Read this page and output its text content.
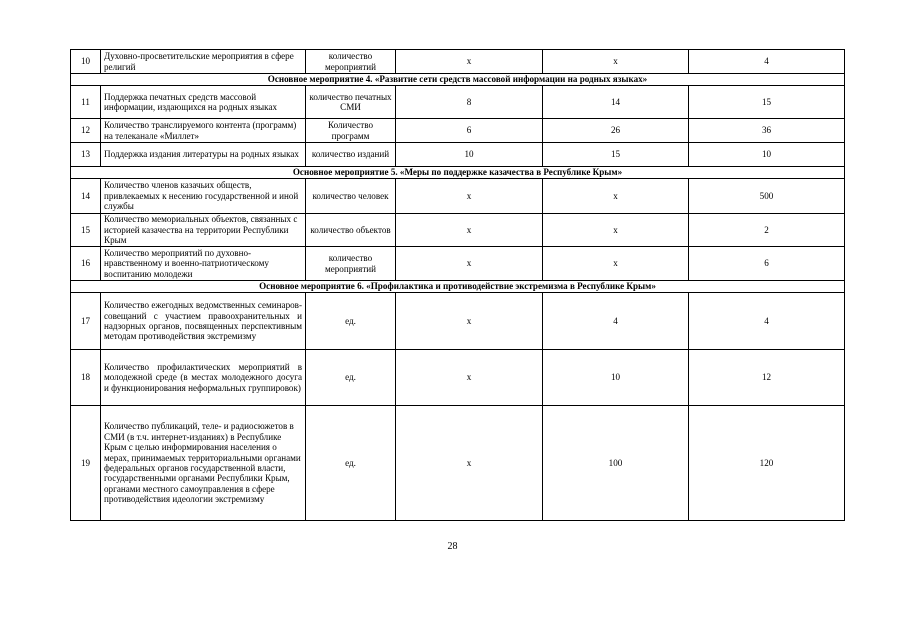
10	Духовно-просветительские мероприятия в сфере религий	количество мероприятий	х	х	4
Основное мероприятие 4. «Развитие сети средств массовой информации на родных языках»					
11	Поддержка печатных средств массовой информации, издающихся на родных языках	количество печатных СМИ	8	14	15
12	Количество транслируемого контента (программ) на телеканале «Миллет»	Количество программ	6	26	36
13	Поддержка издания литературы на родных языках	количество изданий	10	15	10
Основное мероприятие 5. «Меры по поддержке казачества в Республике Крым»					
14	Количество членов казачьих обществ, привлекаемых к несению государственной и иной службы	количество человек	х	х	500
15	Количество мемориальных объектов, связанных с историей казачества на территории Республики Крым	количество объектов	х	х	2
16	Количество мероприятий по духовно-нравственному и военно-патриотическому воспитанию молодежи	количество мероприятий	х	х	6
Основное мероприятие 6. «Профилактика и противодействие экстремизма в Республике Крым»					
17	Количество ежегодных ведомственных семинаров-совещаний с участием правоохранительных и надзорных органов, посвященных перспективным методам противодействия экстремизму	ед.	х	4	4
18	Количество профилактических мероприятий в молодежной среде (в местах молодежного досуга и функционирования неформальных группировок)	ед.	х	10	12
19	Количество публикаций, теле- и радиосюжетов в СМИ (в т.ч. интернет-изданиях) в Республике Крым с целью информирования населения о мерах, принимаемых территориальными органами федеральных органов государственной власти, государственными органами Республики Крым, органами местного самоуправления в сфере противодействия идеологии экстремизму	ед.	х	100	120
28
